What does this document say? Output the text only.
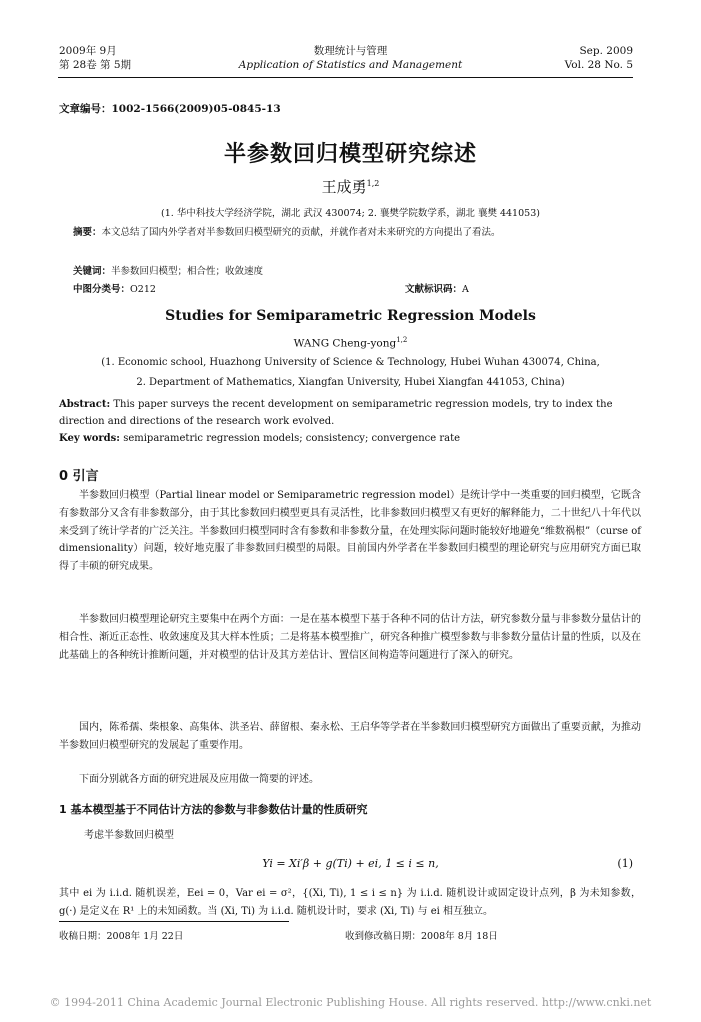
2009年 9月
第 28卷 第 5期
数理统计与管理
Application of Statistics and Management
Sep. 2009
Vol. 28 No. 5
文章编号：1002-1566(2009)05-0845-13
半参数回归模型研究综述
王成勇$^{1,2}$
(1. 华中科技大学经济学院，湖北 武汉 430074; 2. 襄樊学院数学系，湖北 襄樊 441053)
摘要：本文总结了国内外学者对半参数回归模型研究的贡献，并就作者对未来研究的方向提出了看法。
关键词：半参数回归模型；相合性；收敛速度
中图分类号：O212	文献标识码：A
Studies for Semiparametric Regression Models
WANG Cheng-yong$^{1,2}$
(1. Economic school, Huazhong University of Science & Technology, Hubei Wuhan 430074, China,
2. Department of Mathematics, Xiangfan University, Hubei Xiangfan 441053, China)
Abstract: This paper surveys the recent development on semiparametric regression models, try to index the direction and directions of the research work evolved.
Key words: semiparametric regression models; consistency; convergence rate
0 引言
半参数回归模型（Partial linear model or Semiparametric regression model）是统计学中一类重要的回归模型，它既含有参数部分又含有非参数部分，由于其比参数回归模型更具有灵活性，比非参数回归模型又有更好的解释能力，二十世纪八十年代以来受到了统计学者的广泛关注。半参数回归模型同时含有参数和非参数分量，在处理实际问题时能较好地避免“维数祸根”（curse of dimensionality）问题，较好地克服了非参数回归模型的局限。目前国内外学者在半参数回归模型的理论研究与应用研究方面已取得了丰硕的研究成果。
半参数回归模型理论研究主要集中在两个方面：一是在基本模型下基于各种不同的估计方法，研究参数分量与非参数分量估计的相合性、渐近正态性、收敛速度及其大样本性质；二是将基本模型推广，研究各种推广模型参数与非参数分量估计量的性质，以及在此基础上的各种统计推断问题，并对模型的估计及其方差估计、置信区间构造等问题进行了深入的研究。
国内，陈希孺、柴根象、高集体、洪圣岩、薛留根、秦永松、王启华等学者在半参数回归模型研究方面做出了重要贡献，为推动半参数回归模型研究的发展起了重要作用。
下面分别就各方面的研究进展及应用做一简要的评述。
1 基本模型基于不同估计方法的参数与非参数估计量的性质研究
考虑半参数回归模型
Yi = Xi′β + g(Ti) + ei, 1 ≤ i ≤ n,	(1)
其中 ei 为 i.i.d. 随机误差，Eei = 0，Var ei = σ²，{(Xi, Ti), 1 ≤ i ≤ n} 为 i.i.d. 随机设计或固定设计点列，β 为未知参数，g(·) 是定义在 R¹ 上的未知函数。当 (Xi, Ti) 为 i.i.d. 随机设计时，要求 (Xi, Ti) 与 ei 相互独立。
收稿日期：2008年 1月 22日	收到修改稿日期：2008年 8月 18日
© 1994-2011 China Academic Journal Electronic Publishing House. All rights reserved. http://www.cnki.net
